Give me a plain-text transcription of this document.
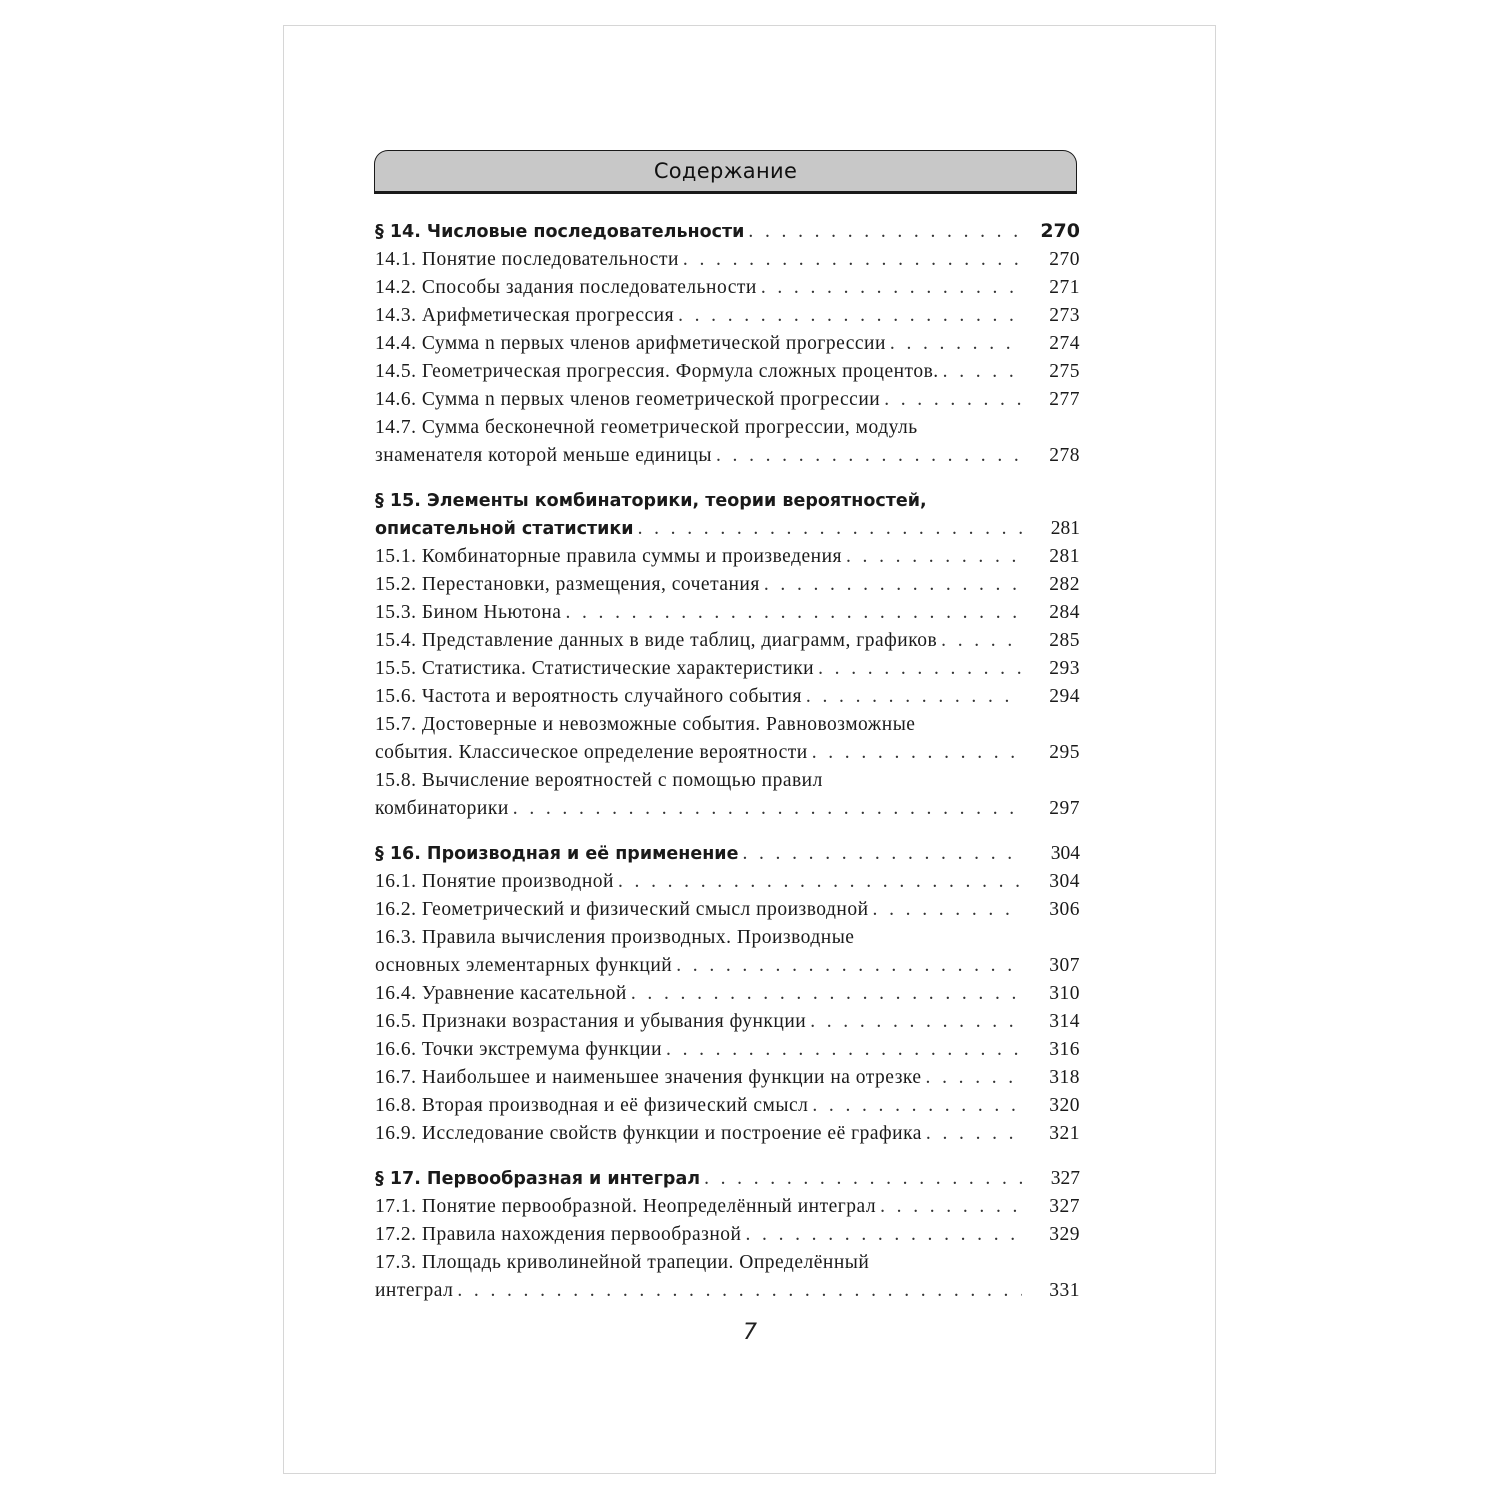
Содержание
§ 14. Числовые последовательности . . .	270
14.1. Понятие последовательности . . .	270
14.2. Способы задания последовательности . . .	271
14.3. Арифметическая прогрессия . . .	273
14.4. Сумма n первых членов арифметической прогрессии . . .	274
14.5. Геометрическая прогрессия. Формула сложных процентов. . . .	275
14.6. Сумма n первых членов геометрической прогрессии . . .	277
14.7. Сумма бесконечной геометрической прогрессии, модуль
знаменателя которой меньше единицы . . .	278
§ 15. Элементы комбинаторики, теории вероятностей,
описательной статистики . . .	281
15.1. Комбинаторные правила суммы и произведения . . .	281
15.2. Перестановки, размещения, сочетания . . .	282
15.3. Бином Ньютона . . .	284
15.4. Представление данных в виде таблиц, диаграмм, графиков . . .	285
15.5. Статистика. Статистические характеристики . . .	293
15.6. Частота и вероятность случайного события . . .	294
15.7. Достоверные и невозможные события. Равновозможные
события. Классическое определение вероятности . . .	295
15.8. Вычисление вероятностей с помощью правил
комбинаторики . . .	297
§ 16. Производная и её применение . . .	304
16.1. Понятие производной . . .	304
16.2. Геометрический и физический смысл производной . . .	306
16.3. Правила вычисления производных. Производные
основных элементарных функций . . .	307
16.4. Уравнение касательной . . .	310
16.5. Признаки возрастания и убывания функции . . .	314
16.6. Точки экстремума функции . . .	316
16.7. Наибольшее и наименьшее значения функции на отрезке . . .	318
16.8. Вторая производная и её физический смысл . . .	320
16.9. Исследование свойств функции и построение её графика . . .	321
§ 17. Первообразная и интеграл . . .	327
17.1. Понятие первообразной. Неопределённый интеграл . . .	327
17.2. Правила нахождения первообразной . . .	329
17.3. Площадь криволинейной трапеции. Определённый
интеграл . . .	331
7
